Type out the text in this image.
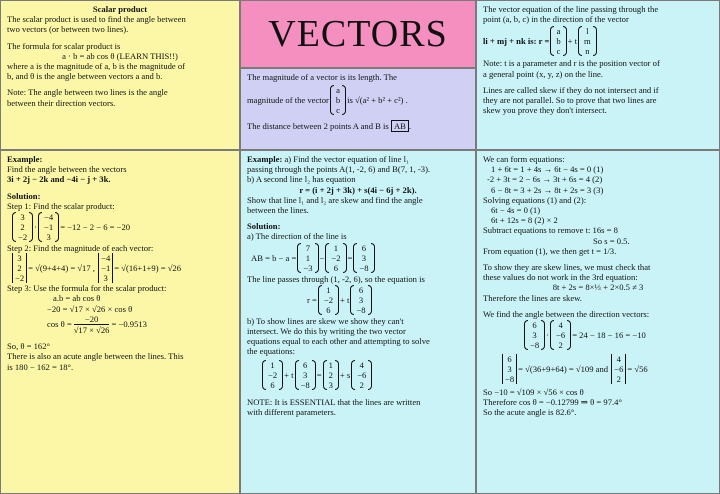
Scalar product
The scalar product is used to find the angle between
two vectors (or between two lines).
The formula for scalar product is
a · b = ab cos θ (LEARN THIS!!)
where a is the magnitude of a, b is the magnitude of
b, and θ is the angle between vectors a and b.
Note: The angle between two lines is the angle
between their direction vectors.
VECTORS
The magnitude of a vector is its length. The
magnitude of the vector
a
b
c
is √(a² + b² + c²) .
The distance between 2 points A and B is
AB .
The vector equation of the line passing through the
point (a, b, c) in the direction of the vector
li + mj + nk is: r =
a
b
c
+ t
l
m
n
Note: t is a parameter and r is the position vector of
a general point (x, y, z) on the line.
Lines are called skew if they do not intersect and if
they are not parallel. So to prove that two lines are
skew you prove they don't intersect.
Example:
Find the angle between the vectors
3i + 2j − 2k and −4i − j + 3k.
Solution:
Step 1: Find the scalar product:
3
2
−2
·
−4
−1
3
= −12 − 2 − 6 = −20
Step 2: Find the magnitude of each vector:
3
2
−2
= √(9+4+4) = √17 ,

−4
−1
3
= √(16+1+9) = √26
Step 3: Use the formula for the scalar product:
a.b = ab cos θ
−20 = √17 × √26 × cos θ
$\cos \theta = \frac{-20}{√17 \times √26} = -0.9513$
So, θ = 162°
There is also an acute angle between the lines. This
is 180 − 162 = 18°.
Example: a) Find the vector equation of line l₁
passing through the points A(1, -2, 6) and B(7, 1, -3).
b) A second line l₂ has equation
r = (i + 2j + 3k) + s(4i − 6j + 2k).
Show that line l₁ and l₂ are skew and find the angle
between the lines.
Solution:
a) The direction of the line is
AB = b − a =
7
1
−3
−
1
−2
6
=
6
3
−8
The line passes through (1, -2, 6), so the equation is
r =
1
−2
6
+ t
6
3
−8
b) To show lines are skew we show they can't
intersect. We do this by writing the two vector
equations equal to each other and attempting to solve
the equations:
1
−2
6
+ t
6
3
−8
=
1
2
3
+ s
4
−6
2
NOTE: It is ESSENTIAL that the lines are written
with different parameters.
We can form equations:
1 + 6t = 1 + 4s → 6t − 4s = 0 (1)
-2 + 3t = 2 − 6s → 3t + 6s = 4 (2)
6 − 8t = 3 + 2s → 8t + 2s = 3 (3)
Solving equations (1) and (2):
6t − 4s = 0 (1)
6t + 12s = 8 (2) × 2
Subtract equations to remove t: 16s = 8
So s = 0.5.
From equation (1), we then get t = 1/3.
To show they are skew lines, we must check that
these values do not work in the 3rd equation:
8t + 2s = 8×⅓ + 2×0.5 ≠ 3
Therefore the lines are skew.
We find the angle between the direction vectors:
6
3
−8
·
4
−6
2
= 24 − 18 − 16 = −10
6
3
−8
= √(36+9+64) = √109 and

4
−6
2
= √56
So −10 = √109 × √56 × cos θ
Therefore cos θ = −0.12799 ⇒ θ = 97.4°
So the acute angle is 82.6°.
